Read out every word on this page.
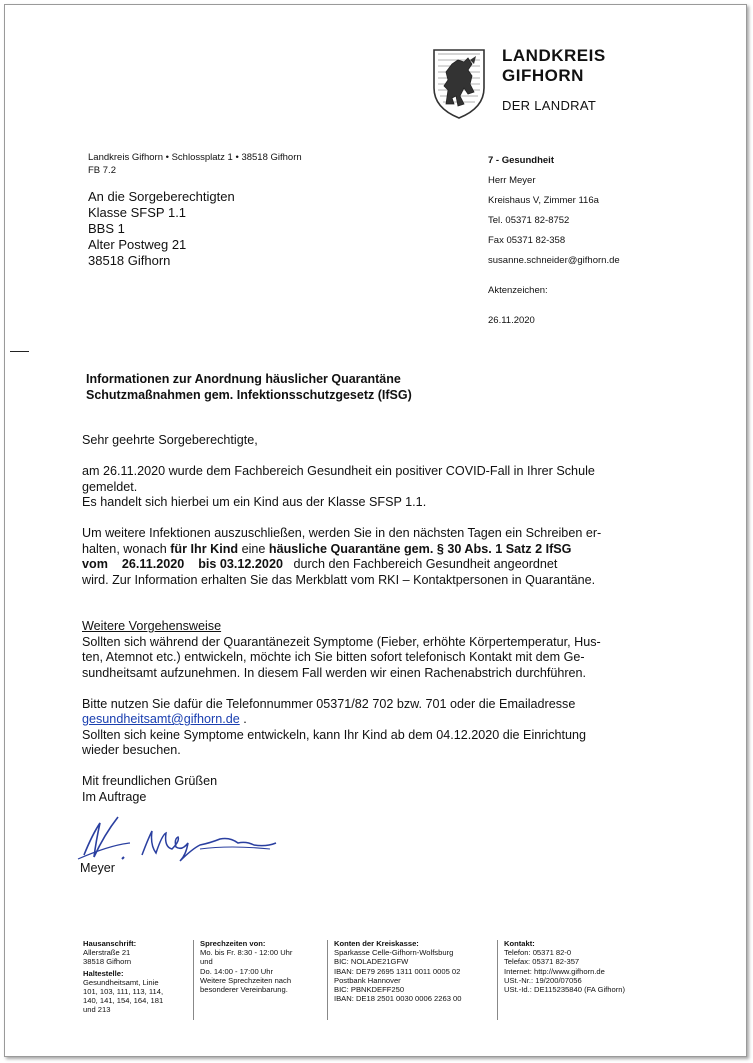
LANDKREIS
GIFHORN
DER LANDRAT
Landkreis Gifhorn • Schlossplatz 1 • 38518 Gifhorn
FB 7.2
An die Sorgeberechtigten
Klasse SFSP 1.1
BBS 1
Alter Postweg 21
38518 Gifhorn
7 - Gesundheit
Herr Meyer
Kreishaus V, Zimmer 116a
Tel. 05371 82-8752
Fax 05371 82-358
susanne.schneider@gifhorn.de
Aktenzeichen:
26.11.2020
Informationen zur Anordnung häuslicher Quarantäne
Schutzmaßnahmen gem. Infektionsschutzgesetz (IfSG)

Sehr geehrte Sorgeberechtigte,

am 26.11.2020 wurde dem Fachbereich Gesundheit ein positiver COVID-Fall in Ihrer Schule

gemeldet.

Es handelt sich hierbei um ein Kind aus der Klasse SFSP 1.1.

Um weitere Infektionen auszuschließen, werden Sie in den nächsten Tagen ein Schreiben er-

halten, wonach für Ihr Kind eine häusliche Quarantäne gem. § 30 Abs. 1 Satz 2 IfSG

vom    26.11.2020    bis 03.12.2020   durch den Fachbereich Gesundheit angeordnet

wird. Zur Information erhalten Sie das Merkblatt vom RKI – Kontaktpersonen in Quarantäne.

Weitere Vorgehensweise

Sollten sich während der Quarantänezeit Symptome (Fieber, erhöhte Körpertemperatur, Hus-

ten, Atemnot etc.) entwickeln, möchte ich Sie bitten sofort telefonisch Kontakt mit dem Ge-

sundheitsamt aufzunehmen. In diesem Fall werden wir einen Rachenabstrich durchführen.

Bitte nutzen Sie dafür die Telefonnummer 05371/82 702 bzw. 701 oder die Emailadresse

gesundheitsamt@gifhorn.de .

Sollten sich keine Symptome entwickeln, kann Ihr Kind ab dem 04.12.2020 die Einrichtung

wieder besuchen.

Mit freundlichen Grüßen

Im Auftrage

Meyer
Hausanschrift:
Allerstraße 21
38518 Gifhorn
Haltestelle:
Gesundheitsamt, Linie
101, 103, 111, 113, 114,
140, 141, 154, 164, 181
und 213
Sprechzeiten von:
Mo. bis Fr. 8:30 - 12:00 Uhr
und
Do. 14:00 - 17:00 Uhr
Weitere Sprechzeiten nach
besonderer Vereinbarung.
Konten der Kreiskasse:
Sparkasse Celle-Gifhorn-Wolfsburg
BIC: NOLADE21GFW
IBAN: DE79 2695 1311 0011 0005 02
Postbank Hannover
BIC: PBNKDEFF250
IBAN: DE18 2501 0030 0006 2263 00
Kontakt:
Telefon: 05371 82-0
Telefax: 05371 82-357
Internet: http://www.gifhorn.de
USt.-Nr.: 19/200/07056
USt.-Id.: DE115235840 (FA Gifhorn)
